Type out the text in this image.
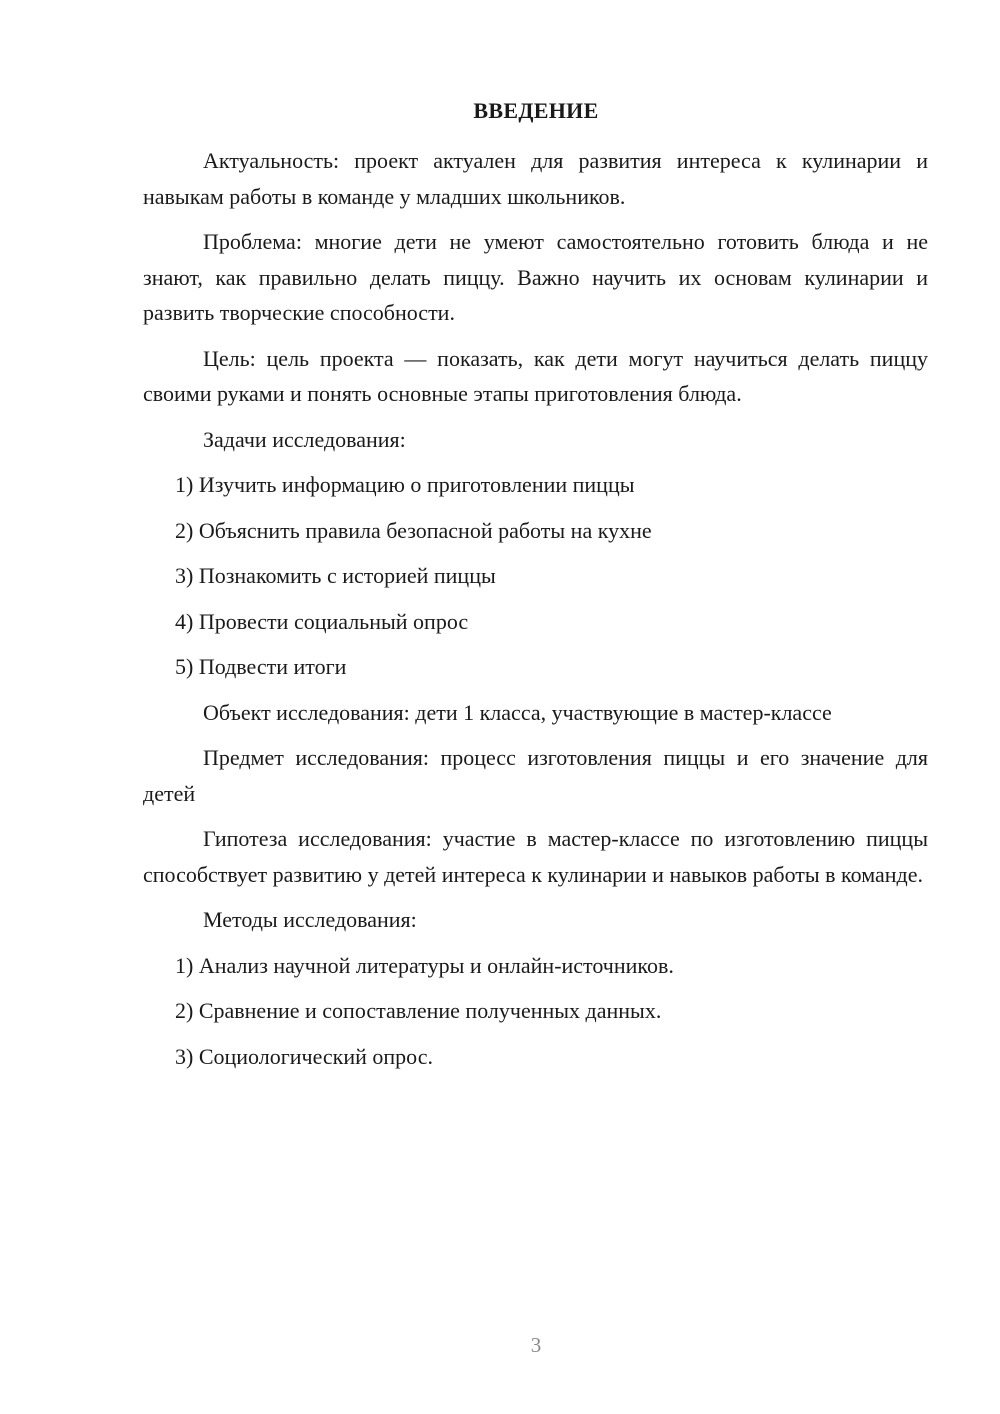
ВВЕДЕНИЕ

Актуальность: проект актуален для развития интереса к кулинарии и навыкам работы в команде у младших школьников.

Проблема: многие дети не умеют самостоятельно готовить блюда и не знают, как правильно делать пиццу. Важно научить их основам кулинарии и развить творческие способности.

Цель: цель проекта — показать, как дети могут научиться делать пиццу своими руками и понять основные этапы приготовления блюда.

Задачи исследования:

1) Изучить информацию о приготовлении пиццы

2) Объяснить правила безопасной работы на кухне

3) Познакомить с историей пиццы

4) Провести социальный опрос

5) Подвести итоги

Объект исследования: дети 1 класса, участвующие в мастер-классе

Предмет исследования: процесс изготовления пиццы и его значение для детей

Гипотеза исследования: участие в мастер-классе по изготовлению пиццы способствует развитию у детей интереса к кулинарии и навыков работы в команде.

Методы исследования:

1) Анализ научной литературы и онлайн-источников.

2) Сравнение и сопоставление полученных данных.

3) Социологический опрос.

3
